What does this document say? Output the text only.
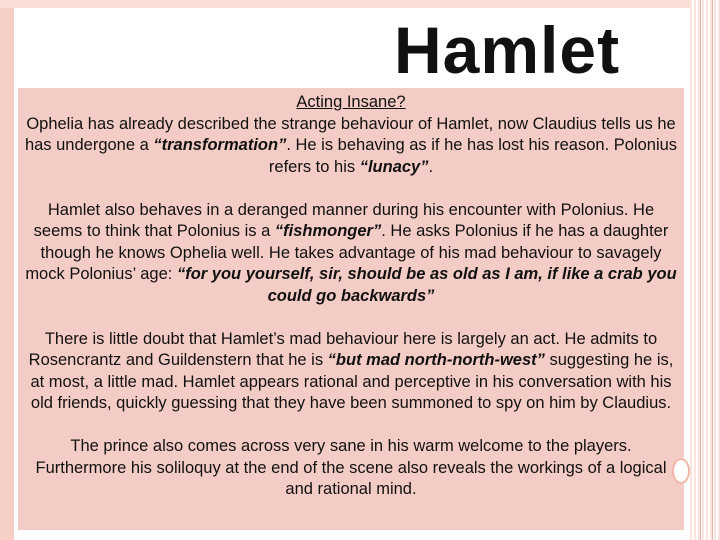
Hamlet
Acting Insane?

Ophelia has already described the strange behaviour of Hamlet, now Claudius tells us he has undergone a “transformation”. He is behaving as if he has lost his reason. Polonius refers to his “lunacy”.

Hamlet also behaves in a deranged manner during his encounter with Polonius. He seems to think that Polonius is a “fishmonger”. He asks Polonius if he has a daughter though he knows Ophelia well. He takes advantage of his mad behaviour to savagely mock Polonius’ age: “for you yourself, sir, should be as old as I am, if like a crab you could go backwards”

There is little doubt that Hamlet’s mad behaviour here is largely an act. He admits to Rosencrantz and Guildenstern that he is “but mad north-north-west” suggesting he is, at most, a little mad. Hamlet appears rational and perceptive in his conversation with his old friends, quickly guessing that they have been summoned to spy on him by Claudius.

The prince also comes across very sane in his warm welcome to the players. Furthermore his soliloquy at the end of the scene also reveals the workings of a logical and rational mind.
